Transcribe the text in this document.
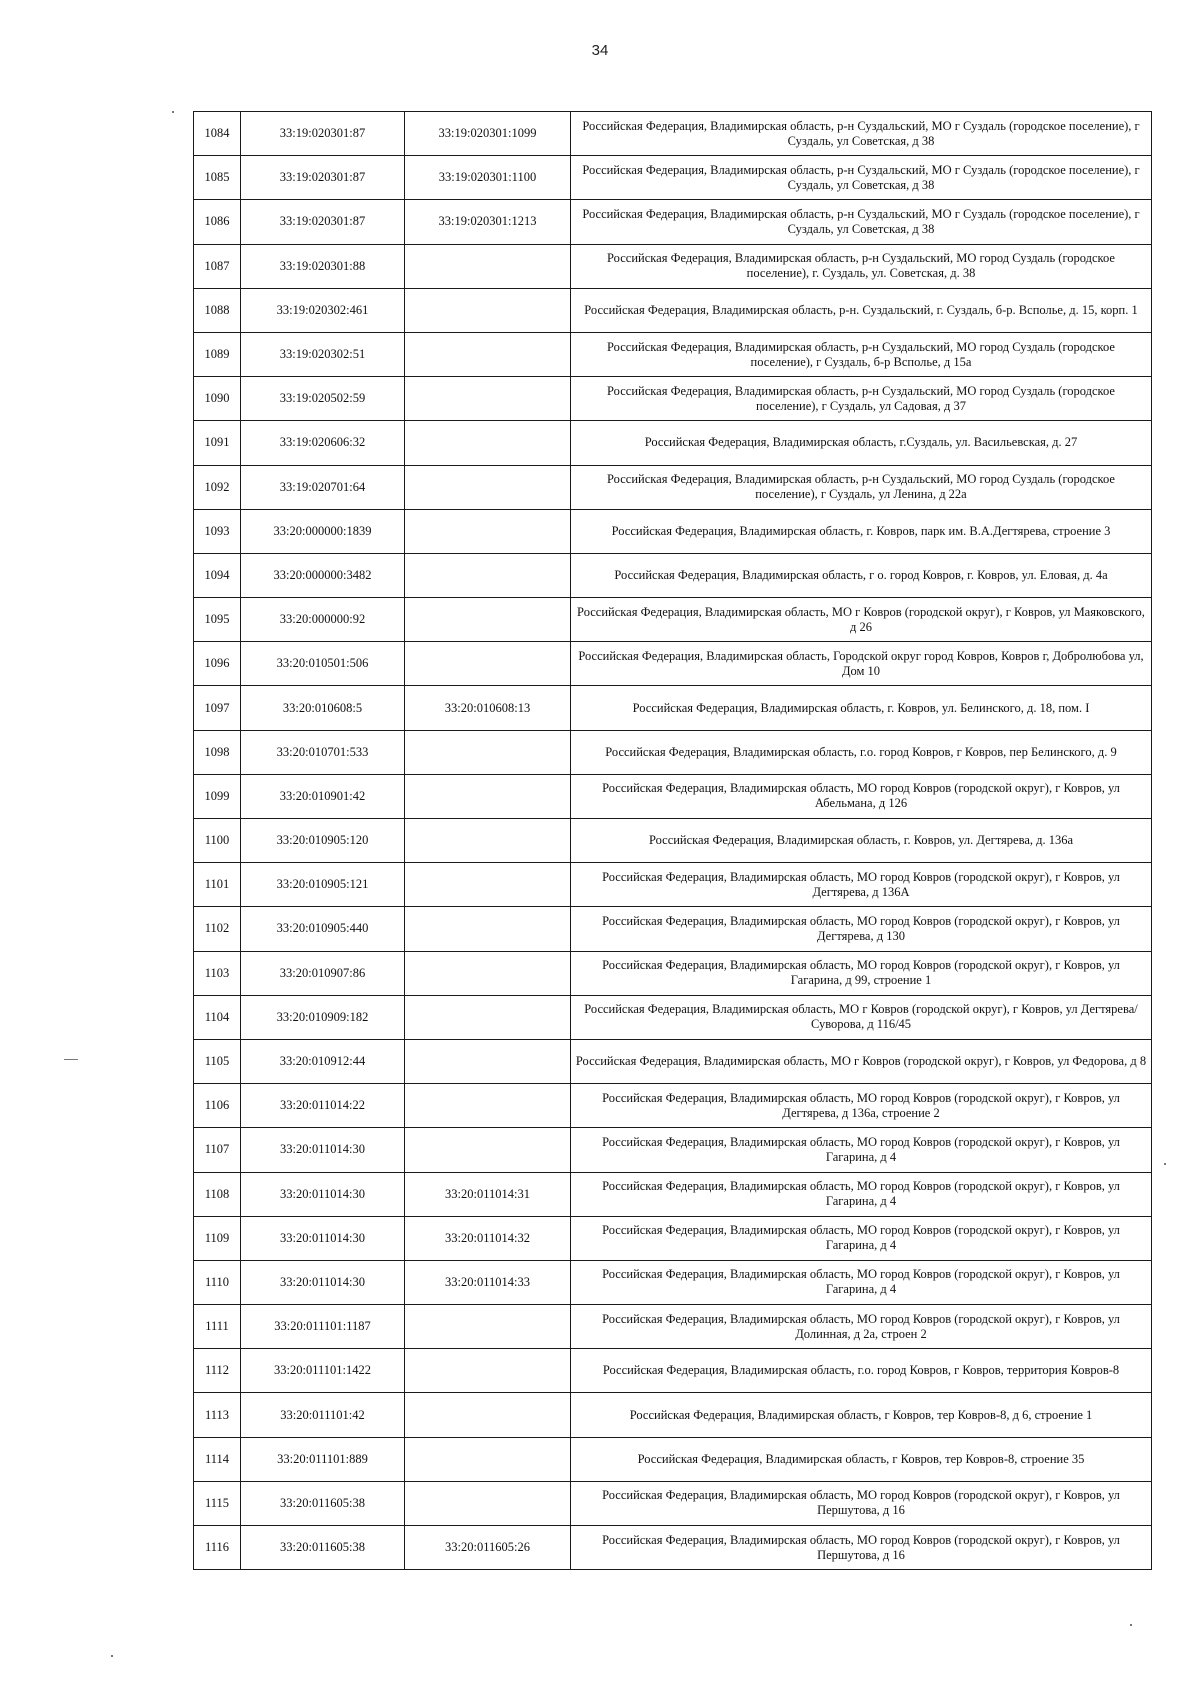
34
1084	33:19:020301:87	33:19:020301:1099	Российская Федерация, Владимирская область, р-н Суздальский, МО г Суздаль (городское поселение), г Суздаль, ул Советская, д 38
1085	33:19:020301:87	33:19:020301:1100	Российская Федерация, Владимирская область, р-н Суздальский, МО г Суздаль (городское поселение), г Суздаль, ул Советская, д 38
1086	33:19:020301:87	33:19:020301:1213	Российская Федерация, Владимирская область, р-н Суздальский, МО г Суздаль (городское поселение), г Суздаль, ул Советская, д 38
1087	33:19:020301:88		Российская Федерация, Владимирская область, р-н Суздальский, МО город Суздаль (городское поселение), г. Суздаль, ул. Советская, д. 38
1088	33:19:020302:461		Российская Федерация, Владимирская область, р-н. Суздальский, г. Суздаль, б-р. Всполье, д. 15, корп. 1
1089	33:19:020302:51		Российская Федерация, Владимирская область, р-н Суздальский, МО город Суздаль (городское поселение), г Суздаль, б-р Всполье, д 15а
1090	33:19:020502:59		Российская Федерация, Владимирская область, р-н Суздальский, МО город Суздаль (городское поселение), г Суздаль, ул Садовая, д 37
1091	33:19:020606:32		Российская Федерация, Владимирская область, г.Суздаль, ул. Васильевская, д. 27
1092	33:19:020701:64		Российская Федерация, Владимирская область, р-н Суздальский, МО город Суздаль (городское поселение), г Суздаль, ул Ленина, д 22а
1093	33:20:000000:1839		Российская Федерация, Владимирская область, г. Ковров, парк им. В.А.Дегтярева, строение 3
1094	33:20:000000:3482		Российская Федерация, Владимирская область, г о. город Ковров, г. Ковров, ул. Еловая, д. 4а
1095	33:20:000000:92		Российская Федерация, Владимирская область, МО г Ковров (городской округ), г Ковров, ул Маяковского, д 26
1096	33:20:010501:506		Российская Федерация, Владимирская область, Городской округ город Ковров, Ковров г, Добролюбова ул, Дом 10
1097	33:20:010608:5	33:20:010608:13	Российская Федерация, Владимирская область, г. Ковров, ул. Белинского, д. 18, пом. I
1098	33:20:010701:533		Российская Федерация, Владимирская область, г.о. город Ковров, г Ковров, пер Белинского, д. 9
1099	33:20:010901:42		Российская Федерация, Владимирская область, МО город Ковров (городской округ), г Ковров, ул Абельмана, д 126
1100	33:20:010905:120		Российская Федерация, Владимирская область, г. Ковров, ул. Дегтярева, д. 136а
1101	33:20:010905:121		Российская Федерация, Владимирская область, МО город Ковров (городской округ), г Ковров, ул Дегтярева, д 136А
1102	33:20:010905:440		Российская Федерация, Владимирская область, МО город Ковров (городской округ), г Ковров, ул Дегтярева, д 130
1103	33:20:010907:86		Российская Федерация, Владимирская область, МО город Ковров (городской округ), г Ковров, ул Гагарина, д 99, строение 1
1104	33:20:010909:182		Российская Федерация, Владимирская область, МО г Ковров (городской округ), г Ковров, ул Дегтярева/Суворова, д 116/45
1105	33:20:010912:44		Российская Федерация, Владимирская область, МО г Ковров (городской округ), г Ковров, ул Федорова, д 8
1106	33:20:011014:22		Российская Федерация, Владимирская область, МО город Ковров (городской округ), г Ковров, ул Дегтярева, д 136а, строение 2
1107	33:20:011014:30		Российская Федерация, Владимирская область, МО город Ковров (городской округ), г Ковров, ул Гагарина, д 4
1108	33:20:011014:30	33:20:011014:31	Российская Федерация, Владимирская область, МО город Ковров (городской округ), г Ковров, ул Гагарина, д 4
1109	33:20:011014:30	33:20:011014:32	Российская Федерация, Владимирская область, МО город Ковров (городской округ), г Ковров, ул Гагарина, д 4
1110	33:20:011014:30	33:20:011014:33	Российская Федерация, Владимирская область, МО город Ковров (городской округ), г Ковров, ул Гагарина, д 4
1111	33:20:011101:1187		Российская Федерация, Владимирская область, МО город Ковров (городской округ), г Ковров, ул Долинная, д 2а, строен 2
1112	33:20:011101:1422		Российская Федерация, Владимирская область, г.о. город Ковров, г Ковров, территория Ковров-8
1113	33:20:011101:42		Российская Федерация, Владимирская область, г Ковров, тер Ковров-8, д 6, строение 1
1114	33:20:011101:889		Российская Федерация, Владимирская область, г Ковров, тер Ковров-8, строение 35
1115	33:20:011605:38		Российская Федерация, Владимирская область, МО город Ковров (городской округ), г Ковров, ул Першутова, д 16
1116	33:20:011605:38	33:20:011605:26	Российская Федерация, Владимирская область, МО город Ковров (городской округ), г Ковров, ул Першутова, д 16
